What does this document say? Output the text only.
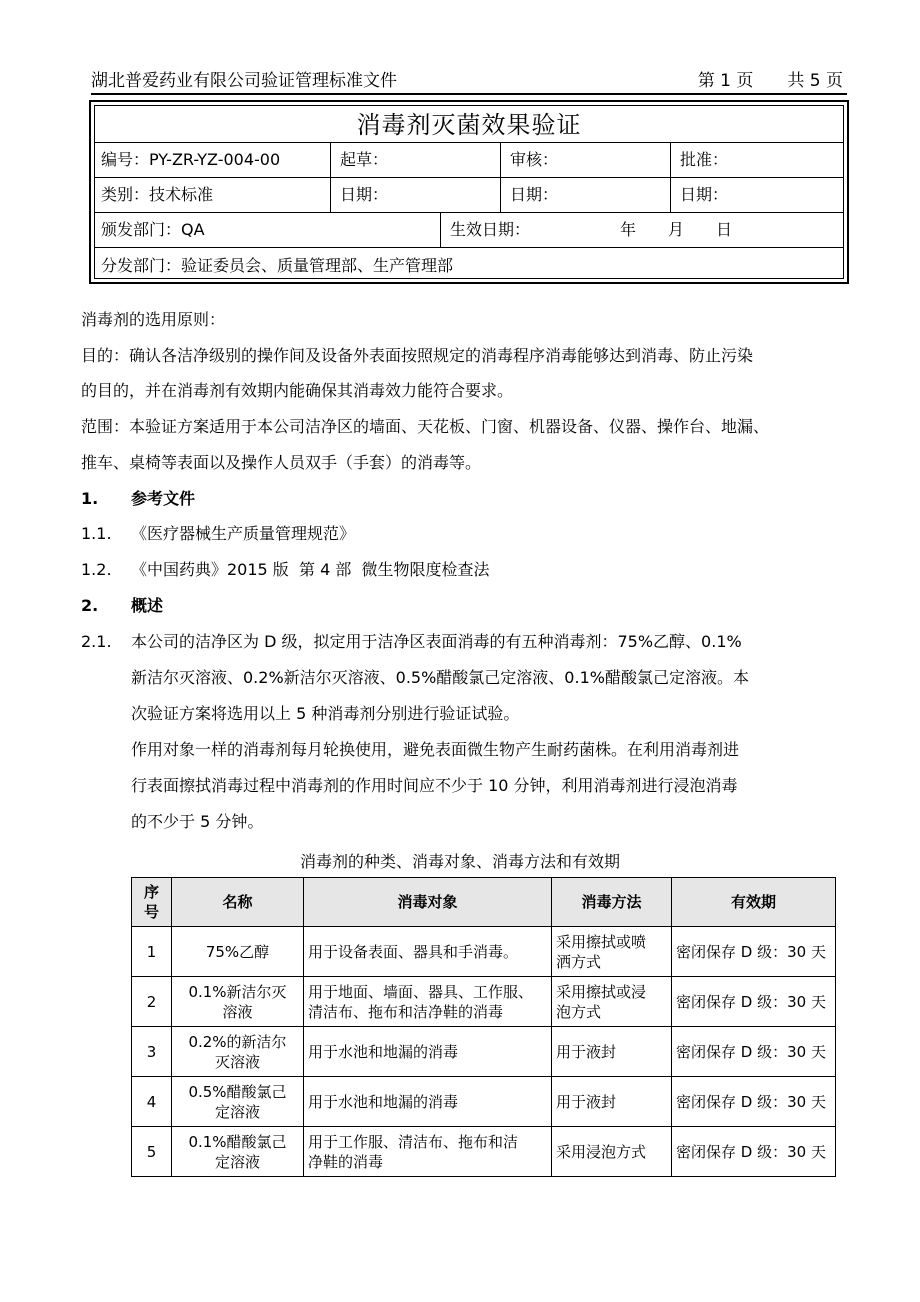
湖北普爱药业有限公司验证管理标准文件	第 1 页　　共 5 页
消毒剂灭菌效果验证
编号：PY-ZR-YZ-004-00	起草：	审核：	批准：
类别：技术标准	日期：	日期：	日期：
颁发部门：QA	生效日期：	年　　月　　日
分发部门：验证委员会、质量管理部、生产管理部
消毒剂的选用原则：
目的：确认各洁净级别的操作间及设备外表面按照规定的消毒程序消毒能够达到消毒、防止污染
的目的，并在消毒剂有效期内能确保其消毒效力能符合要求。
范围：本验证方案适用于本公司洁净区的墙面、天花板、门窗、机器设备、仪器、操作台、地漏、
推车、桌椅等表面以及操作人员双手（手套）的消毒等。
1. 参考文件
1.1. 《医疗器械生产质量管理规范》
1.2. 《中国药典》2015 版  第 4 部  微生物限度检查法
2. 概述
2.1. 本公司的洁净区为 D 级，拟定用于洁净区表面消毒的有五种消毒剂：75%乙醇、0.1%
新洁尔灭溶液、0.2%新洁尔灭溶液、0.5%醋酸氯己定溶液、0.1%醋酸氯己定溶液。本
次验证方案将选用以上 5 种消毒剂分别进行验证试验。
作用对象一样的消毒剂每月轮换使用，避免表面微生物产生耐药菌株。在利用消毒剂进
行表面擦拭消毒过程中消毒剂的作用时间应不少于 10 分钟，利用消毒剂进行浸泡消毒
的不少于 5 分钟。
消毒剂的种类、消毒对象、消毒方法和有效期
序
号	名称	消毒对象	消毒方法	有效期
1	75%乙醇	用于设备表面、器具和手消毒。	采用擦拭或喷
洒方式	密闭保存 D 级：30 天
2	0.1%新洁尔灭
溶液	用于地面、墙面、器具、工作服、
清洁布、拖布和洁净鞋的消毒	采用擦拭或浸
泡方式	密闭保存 D 级：30 天
3	0.2%的新洁尔
灭溶液	用于水池和地漏的消毒	用于液封	密闭保存 D 级：30 天
4	0.5%醋酸氯己
定溶液	用于水池和地漏的消毒	用于液封	密闭保存 D 级：30 天
5	0.1%醋酸氯己
定溶液	用于工作服、清洁布、拖布和洁
净鞋的消毒	采用浸泡方式	密闭保存 D 级：30 天
